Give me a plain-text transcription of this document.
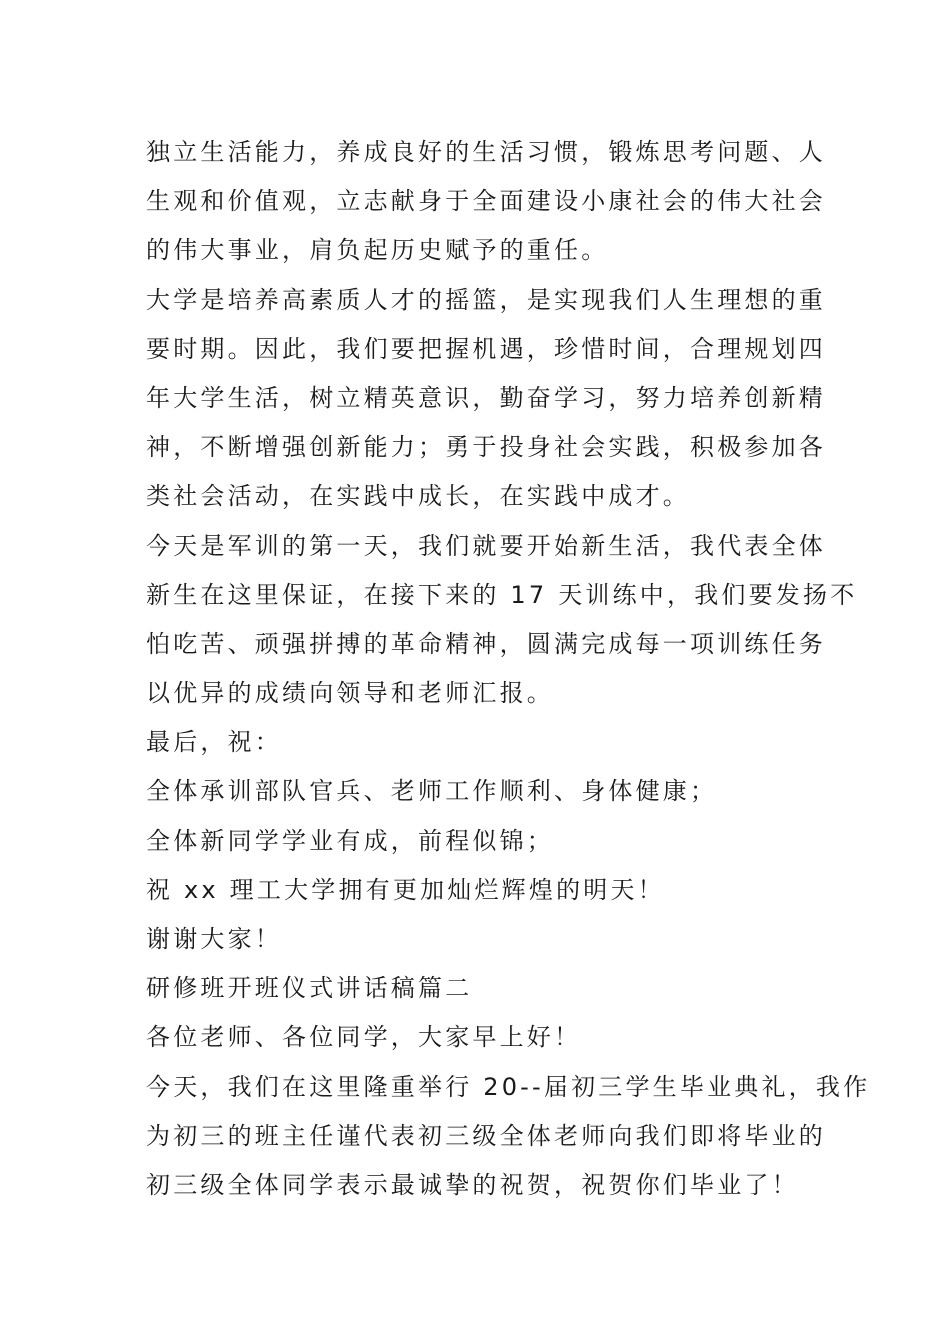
独立生活能力，养成良好的生活习惯，锻炼思考问题、人
生观和价值观，立志献身于全面建设小康社会的伟大社会
的伟大事业，肩负起历史赋予的重任。

大学是培养高素质人才的摇篮，是实现我们人生理想的重
要时期。因此，我们要把握机遇，珍惜时间，合理规划四
年大学生活，树立精英意识，勤奋学习，努力培养创新精
神，不断增强创新能力；勇于投身社会实践，积极参加各
类社会活动，在实践中成长，在实践中成才。

今天是军训的第一天，我们就要开始新生活，我代表全体
新生在这里保证，在接下来的 17 天训练中，我们要发扬不
怕吃苦、顽强拼搏的革命精神，圆满完成每一项训练任务
以优异的成绩向领导和老师汇报。

最后，祝：

全体承训部队官兵、老师工作顺利、身体健康；

全体新同学学业有成，前程似锦；

祝 xx 理工大学拥有更加灿烂辉煌的明天！

谢谢大家！

研修班开班仪式讲话稿篇二

各位老师、各位同学，大家早上好！

今天，我们在这里隆重举行 20--届初三学生毕业典礼，我作
为初三的班主任谨代表初三级全体老师向我们即将毕业的
初三级全体同学表示最诚挚的祝贺，祝贺你们毕业了！
